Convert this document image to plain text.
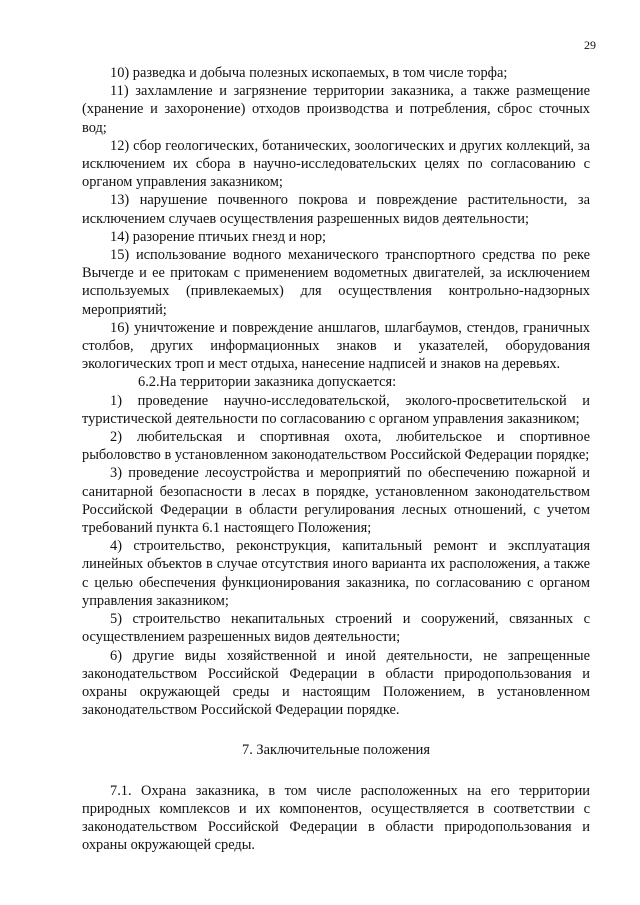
29

10) разведка и добыча полезных ископаемых, в том числе торфа;

11) захламление и загрязнение территории заказника, а также размещение (хранение и захоронение) отходов производства и потребления, сброс сточных вод;

12) сбор геологических, ботанических, зоологических и других коллекций, за исключением их сбора в научно-исследовательских целях по согласованию с органом управления заказником;

13) нарушение почвенного покрова и повреждение растительности, за исключением случаев осуществления разрешенных видов деятельности;

14) разорение птичьих гнезд и нор;

15) использование водного механического транспортного средства по реке Вычегде и ее притокам с применением водометных двигателей, за исключением используемых (привлекаемых) для осуществления контрольно-надзорных мероприятий;

16) уничтожение и повреждение аншлагов, шлагбаумов, стендов, граничных столбов, других информационных знаков и указателей, оборудования экологических троп и мест отдыха, нанесение надписей и знаков на деревьях.

6.2.На территории заказника допускается:

1) проведение научно-исследовательской, эколого-просветительской и туристической деятельности по согласованию с органом управления заказником;

2) любительская и спортивная охота, любительское и спортивное рыболовство в установленном законодательством Российской Федерации порядке;

3) проведение лесоустройства и мероприятий по обеспечению пожарной и санитарной безопасности в лесах в порядке, установленном законодательством Российской Федерации в области регулирования лесных отношений, с учетом требований пункта 6.1 настоящего Положения;

4) строительство, реконструкция, капитальный ремонт и эксплуатация линейных объектов в случае отсутствия иного варианта их расположения, а также с целью обеспечения функционирования заказника, по согласованию с органом управления заказником;

5) строительство некапитальных строений и сооружений, связанных с осуществлением разрешенных видов деятельности;

6) другие виды хозяйственной и иной деятельности, не запрещенные законодательством Российской Федерации в области природопользования и охраны окружающей среды и настоящим Положением, в установленном законодательством Российской Федерации порядке.

7. Заключительные положения

7.1. Охрана заказника, в том числе расположенных на его территории природных комплексов и их компонентов, осуществляется в соответствии с законодательством Российской Федерации в области природопользования и охраны окружающей среды.
